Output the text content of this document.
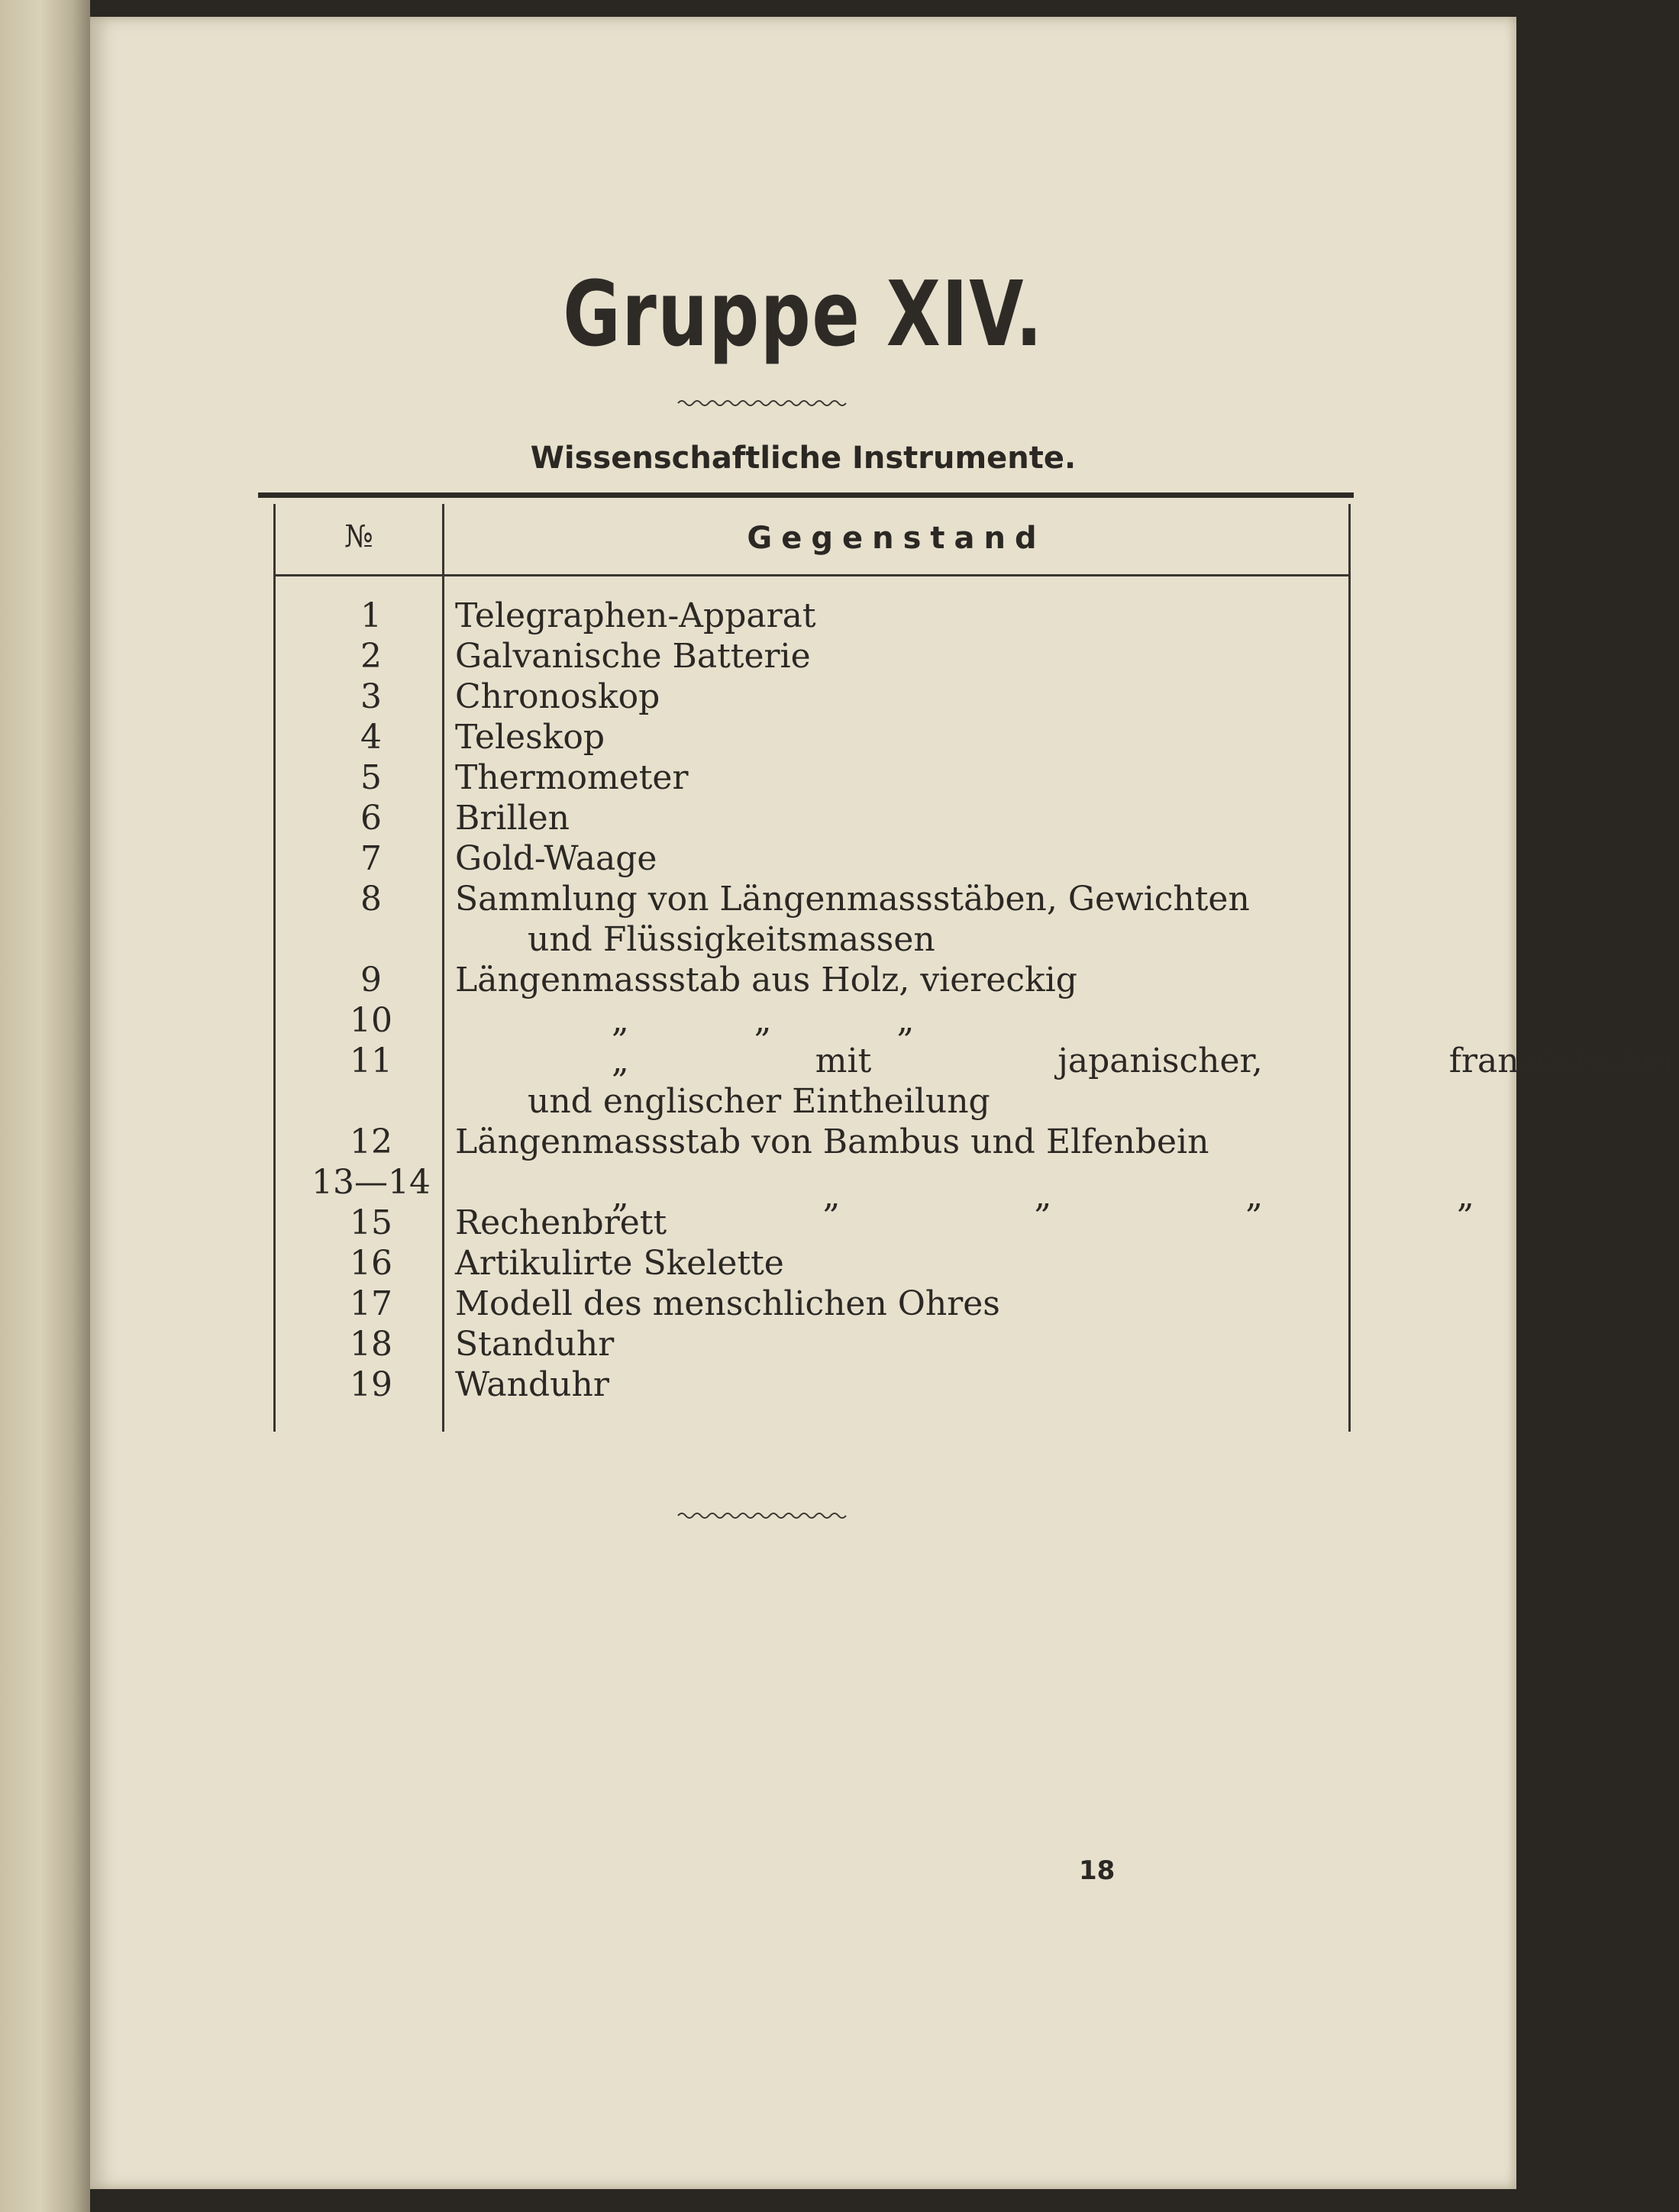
Gruppe XIV.
Wissenschaftliche Instrumente.
№	Gegenstand
1	Telegraphen-Apparat
2	Galvanische Batterie
3	Chronoskop
4	Teleskop
5	Thermometer
6	Brillen
7	Gold-Waage
8	Sammlung von Längenmassstäben, Gewichten
und Flüssigkeitsmassen
9	Längenmassstab aus Holz, viereckig
10	„ „ „
11	„ mit japanischer, französischer
und englischer Eintheilung
12	Längenmassstab von Bambus und Elfenbein
13—14	„ „ „ „ „
15	Rechenbrett
16	Artikulirte Skelette
17	Modell des menschlichen Ohres
18	Standuhr
19	Wanduhr
18
